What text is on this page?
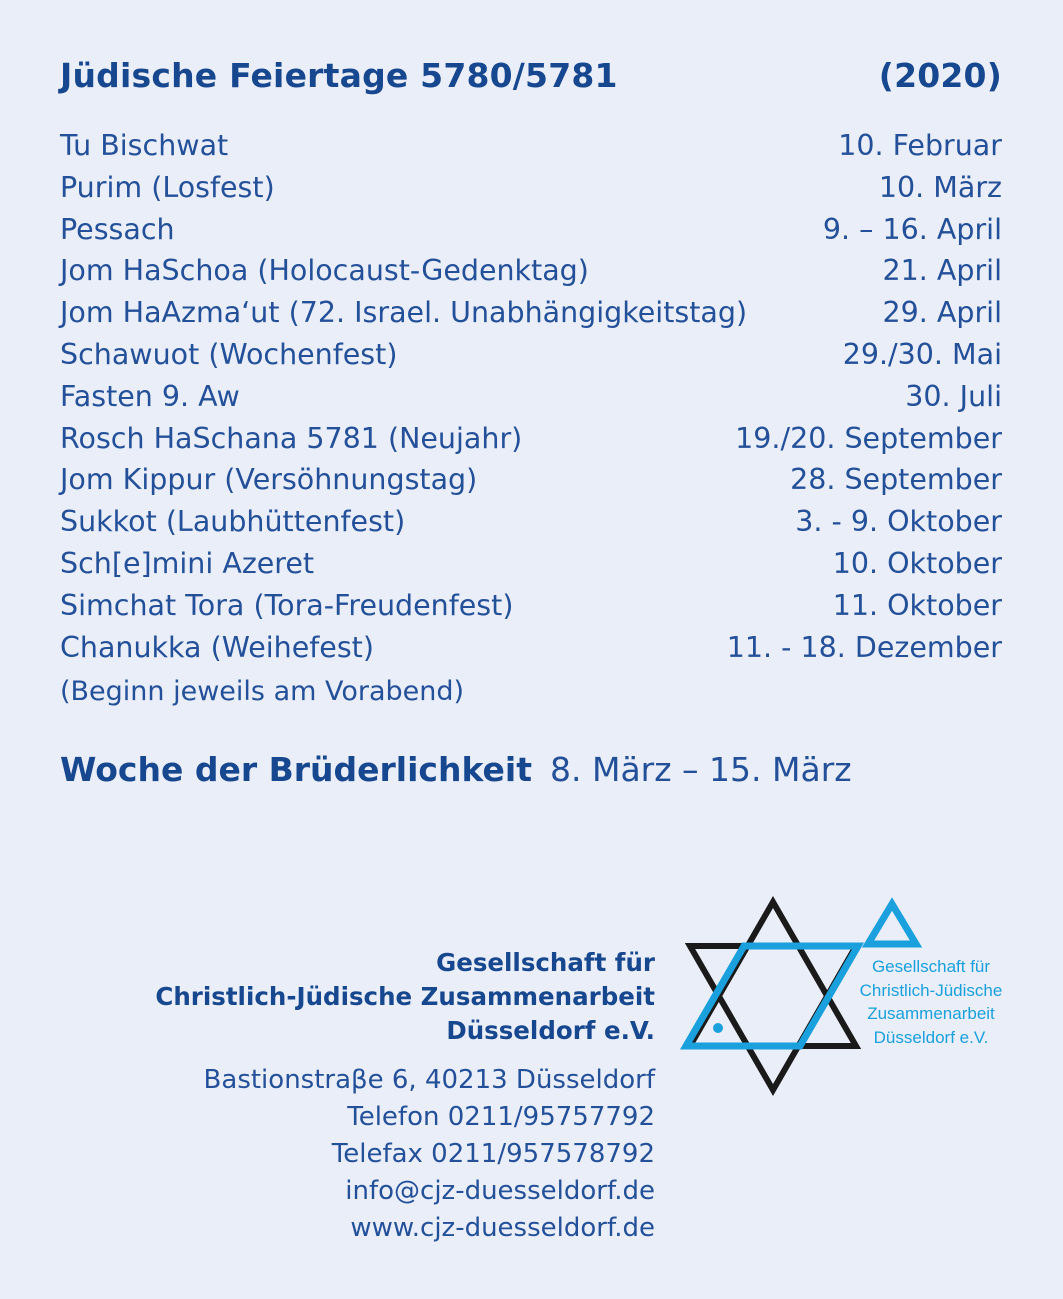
Jüdische Feiertage 5780/5781	(2020)
Tu Bischwat	10. Februar
Purim (Losfest)	10. März
Pessach	9. – 16. April
Jom HaSchoa (Holocaust-Gedenktag)	21. April
Jom HaAzma‘ut (72. Israel. Unabhängigkeitstag)	29. April
Schawuot (Wochenfest)	29./30. Mai
Fasten 9. Aw	30. Juli
Rosch HaSchana 5781 (Neujahr)	19./20. September
Jom Kippur (Versöhnungstag)	28. September
Sukkot (Laubhüttenfest)	3. - 9. Oktober
Sch[e]mini Azeret	10. Oktober
Simchat Tora (Tora-Freudenfest)	11. Oktober
Chanukka (Weihefest)	11. - 18. Dezember
(Beginn jeweils am Vorabend)
Woche der Brüderlichkeit 8. März – 15. März
Gesellschaft für
Christlich-Jüdische Zusammenarbeit
Düsseldorf e.V.
Bastionstraβe 6, 40213 Düsseldorf
Telefon 0211/95757792
Telefax 0211/957578792
info@cjz-duesseldorf.de
www.cjz-duesseldorf.de
Gesellschaft für
Christlich-Jüdische
Zusammenarbeit
Düsseldorf e.V.
